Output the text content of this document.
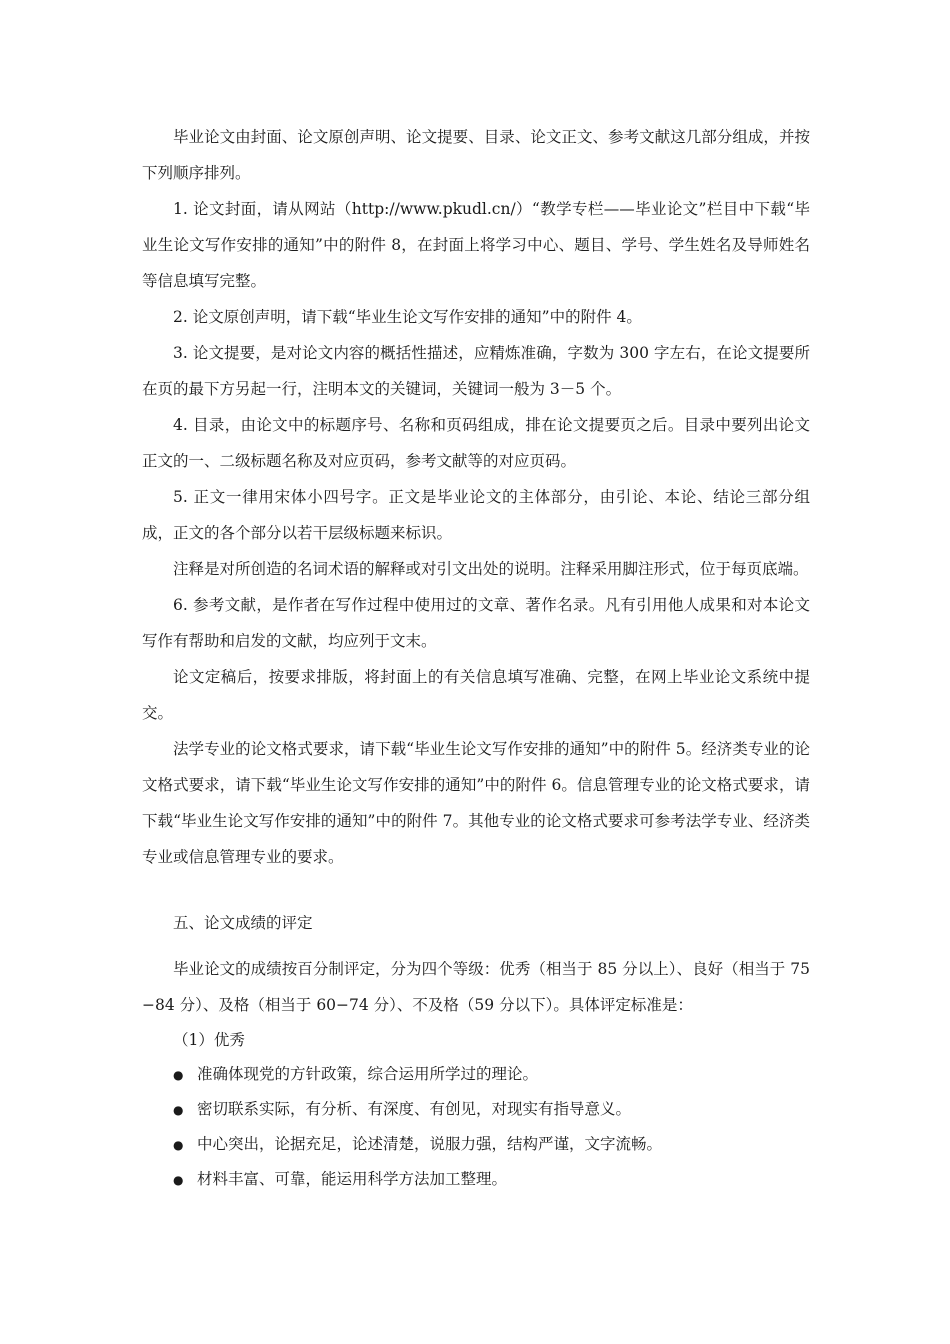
毕业论文由封面、论文原创声明、论文提要、目录、论文正文、参考文献这几部分组成，并按下列顺序排列。

1. 论文封面，请从网站（http://www.pkudl.cn/）“教学专栏——毕业论文”栏目中下载“毕业生论文写作安排的通知”中的附件 8，在封面上将学习中心、题目、学号、学生姓名及导师姓名等信息填写完整。

2. 论文原创声明，请下载“毕业生论文写作安排的通知”中的附件 4。

3. 论文提要，是对论文内容的概括性描述，应精炼准确，字数为 300 字左右，在论文提要所在页的最下方另起一行，注明本文的关键词，关键词一般为 3－5 个。

4. 目录，由论文中的标题序号、名称和页码组成，排在论文提要页之后。目录中要列出论文正文的一、二级标题名称及对应页码，参考文献等的对应页码。

5. 正文一律用宋体小四号字。正文是毕业论文的主体部分，由引论、本论、结论三部分组成，正文的各个部分以若干层级标题来标识。

注释是对所创造的名词术语的解释或对引文出处的说明。注释采用脚注形式，位于每页底端。

6. 参考文献，是作者在写作过程中使用过的文章、著作名录。凡有引用他人成果和对本论文写作有帮助和启发的文献，均应列于文末。

论文定稿后，按要求排版，将封面上的有关信息填写准确、完整，在网上毕业论文系统中提交。

法学专业的论文格式要求，请下载“毕业生论文写作安排的通知”中的附件 5。经济类专业的论文格式要求，请下载“毕业生论文写作安排的通知”中的附件 6。信息管理专业的论文格式要求，请下载“毕业生论文写作安排的通知”中的附件 7。其他专业的论文格式要求可参考法学专业、经济类专业或信息管理专业的要求。

五、论文成绩的评定

毕业论文的成绩按百分制评定，分为四个等级：优秀（相当于 85 分以上）、良好（相当于 75−84 分）、及格（相当于 60−74 分）、不及格（59 分以下）。具体评定标准是：

（1）优秀

● 准确体现党的方针政策，综合运用所学过的理论。
● 密切联系实际，有分析、有深度、有创见，对现实有指导意义。
● 中心突出，论据充足，论述清楚，说服力强，结构严谨，文字流畅。
● 材料丰富、可靠，能运用科学方法加工整理。
